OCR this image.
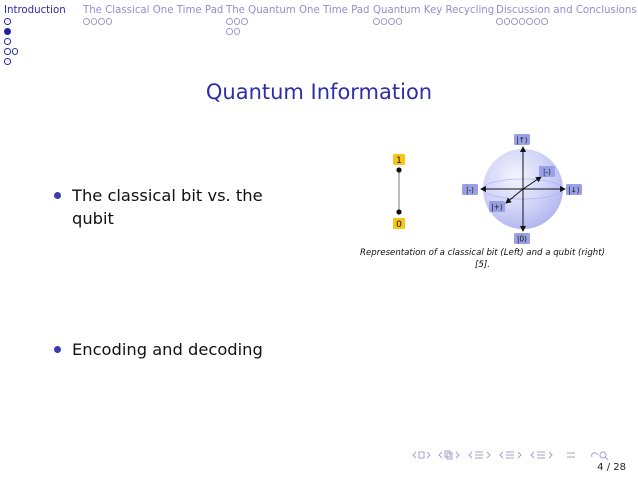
Introduction The Classical One Time Pad The Quantum One Time Pad Quantum Key Recycling Discussion and Conclusions
Quantum Information
The classical bit vs. the qubit
Encoding and decoding
1
0
|↑⟩
|0⟩
|-⟩	|↓⟩
|-⟩
|+⟩
Representation of a classical bit (Left) and a qubit (right) [5].
4 / 28
